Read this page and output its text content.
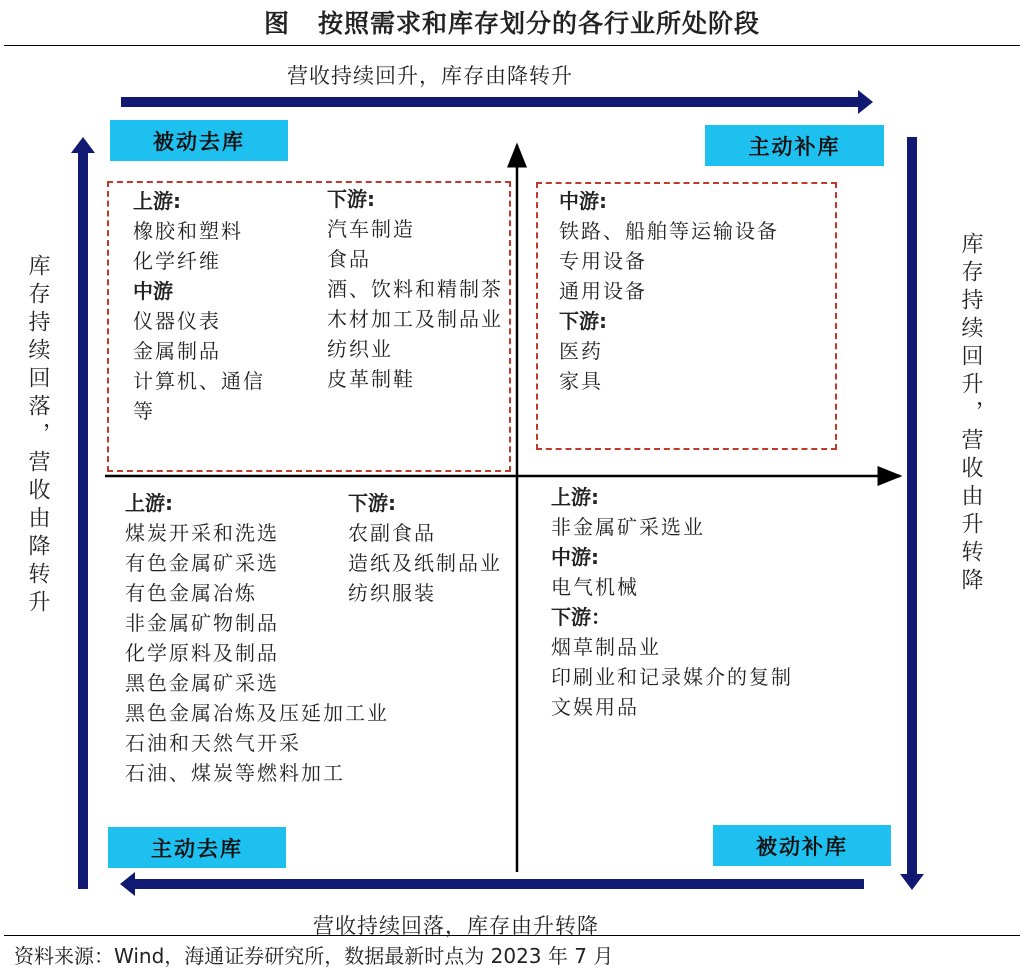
图 按照需求和库存划分的各行业所处阶段
营收持续回升，库存由降转升
营收持续回落，库存由升转降
库存持续回落，营收由降转升	库存持续回升，营收由升转降
被动去库	主动补库
主动去库	被动补库
上游:
橡胶和塑料
化学纤维
中游
仪器仪表
金属制品
计算机、通信
等
下游:
汽车制造
食品
酒、饮料和精制茶
木材加工及制品业
纺织业
皮革制鞋
中游:
铁路、船舶等运输设备
专用设备
通用设备
下游:
医药
家具
上游:
煤炭开采和洗选
有色金属矿采选
有色金属冶炼
非金属矿物制品
化学原料及制品
黑色金属矿采选
黑色金属冶炼及压延加工业
石油和天然气开采
石油、煤炭等燃料加工
下游:
农副食品
造纸及纸制品业
纺织服装
上游:
非金属矿采选业
中游:
电气机械
下游：
烟草制品业
印刷业和记录媒介的复制
文娱用品
资料来源：Wind，海通证券研究所，数据最新时点为 2023 年 7 月
